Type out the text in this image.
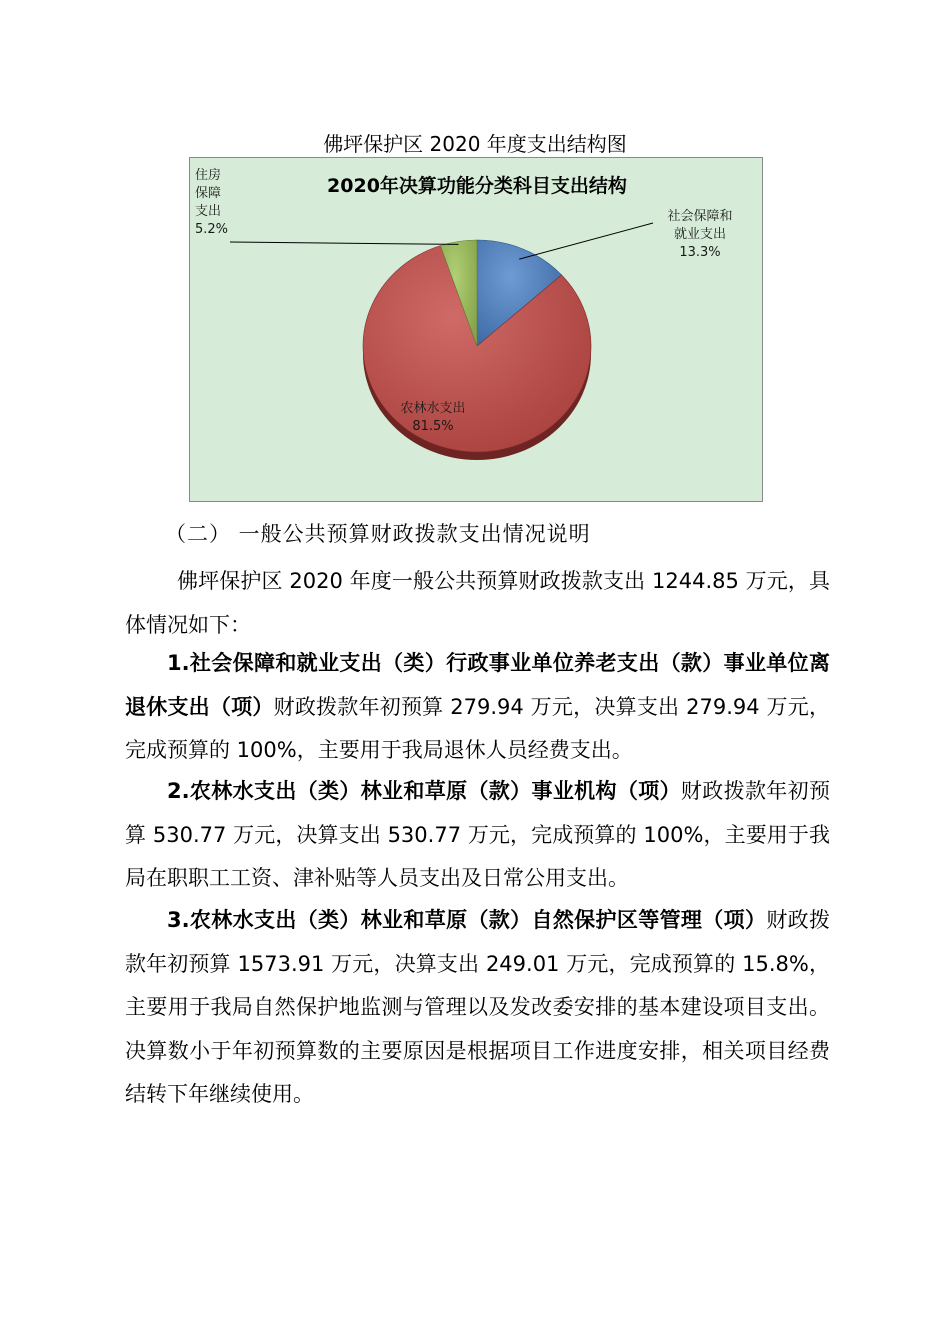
佛坪保护区 2020 年度支出结构图
2020年决算功能分类科目支出结构
社会保障和
就业支出
13.3%
农林水支出
81.5%
住房
保障
支出
5.2%
（二） 一般公共预算财政拨款支出情况说明
佛坪保护区 2020 年度一般公共预算财政拨款支出 1244.85 万元，具体情况如下：
1.社会保障和就业支出（类）行政事业单位养老支出（款）事业单位离退休支出（项）财政拨款年初预算 279.94 万元，决算支出 279.94 万元，完成预算的 100%，主要用于我局退休人员经费支出。
2.农林水支出（类）林业和草原（款）事业机构（项）财政拨款年初预算 530.77 万元，决算支出 530.77 万元，完成预算的 100%，主要用于我局在职职工工资、津补贴等人员支出及日常公用支出。
3.农林水支出（类）林业和草原（款）自然保护区等管理（项）财政拨款年初预算 1573.91 万元，决算支出 249.01 万元，完成预算的 15.8%，主要用于我局自然保护地监测与管理以及发改委安排的基本建设项目支出。决算数小于年初预算数的主要原因是根据项目工作进度安排，相关项目经费结转下年继续使用。
